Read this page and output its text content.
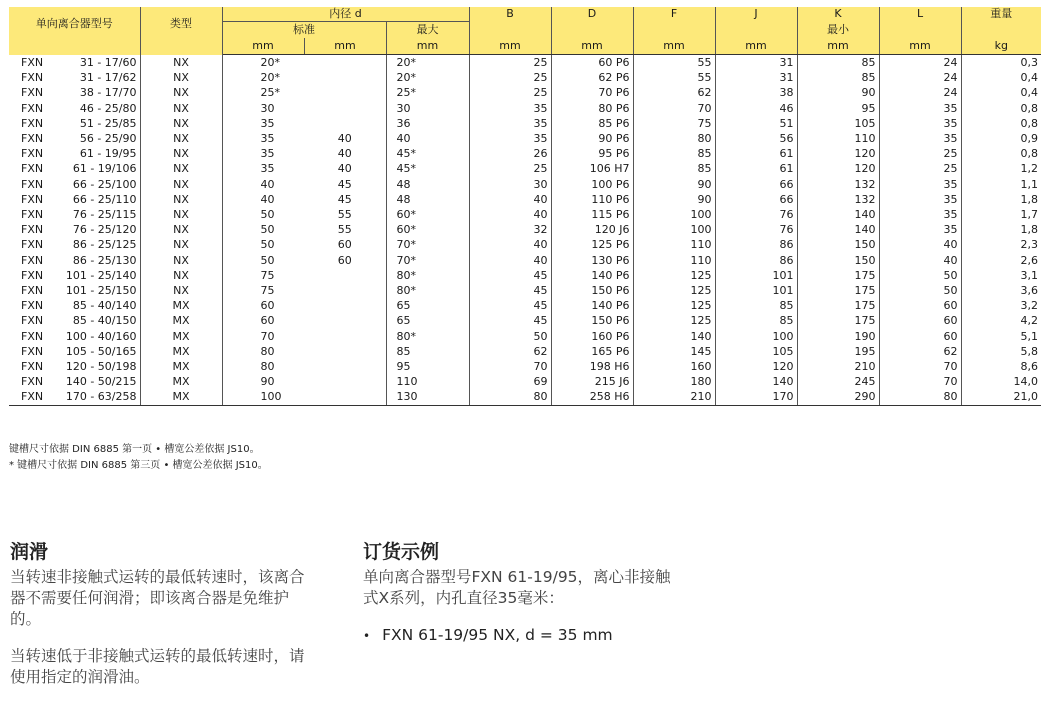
单向离合器型号	类型	内径 d			B	D	F	J	K	L	重量
		标准		最大					最小		
		mm	mm	mm	mm	mm	mm	mm	mm	mm	kg

FXN 31 - 17/60	NX	20*		20*	25	60 P6	55	31	85	24	0,3

FXN 31 - 17/62	NX	20*		20*	25	62 P6	55	31	85	24	0,4

FXN 38 - 17/70	NX	25*		25*	25	70 P6	62	38	90	24	0,4

FXN 46 - 25/80	NX	30		30	35	80 P6	70	46	95	35	0,8

FXN 51 - 25/85	NX	35		36	35	85 P6	75	51	105	35	0,8

FXN 56 - 25/90	NX	35	40	40	35	90 P6	80	56	110	35	0,9

FXN 61 - 19/95	NX	35	40	45*	26	95 P6	85	61	120	25	0,8

FXN 61 - 19/106	NX	35	40	45*	25	106 H7	85	61	120	25	1,2

FXN 66 - 25/100	NX	40	45	48	30	100 P6	90	66	132	35	1,1

FXN 66 - 25/110	NX	40	45	48	40	110 P6	90	66	132	35	1,8

FXN 76 - 25/115	NX	50	55	60*	40	115 P6	100	76	140	35	1,7

FXN 76 - 25/120	NX	50	55	60*	32	120 J6	100	76	140	35	1,8

FXN 86 - 25/125	NX	50	60	70*	40	125 P6	110	86	150	40	2,3

FXN 86 - 25/130	NX	50	60	70*	40	130 P6	110	86	150	40	2,6

FXN 101 - 25/140	NX	75		80*	45	140 P6	125	101	175	50	3,1

FXN 101 - 25/150	NX	75		80*	45	150 P6	125	101	175	50	3,6

FXN 85 - 40/140	MX	60		65	45	140 P6	125	85	175	60	3,2

FXN 85 - 40/150	MX	60		65	45	150 P6	125	85	175	60	4,2

FXN 100 - 40/160	MX	70		80*	50	160 P6	140	100	190	60	5,1

FXN 105 - 50/165	MX	80		85	62	165 P6	145	105	195	62	5,8

FXN 120 - 50/198	MX	80		95	70	198 H6	160	120	210	70	8,6

FXN 140 - 50/215	MX	90		110	69	215 J6	180	140	245	70	14,0

FXN 170 - 63/258	MX	100		130	80	258 H6	210	170	290	80	21,0
键槽尺寸依据 DIN 6885 第一页 • 槽宽公差依据 JS10。
* 键槽尺寸依据 DIN 6885 第三页 • 槽宽公差依据 JS10。
润滑
当转速非接触式运转的最低转速时，该离合
器不需要任何润滑；即该离合器是免维护
的。
当转速低于非接触式运转的最低转速时，请
使用指定的润滑油。
订货示例
单向离合器型号FXN 61-19/95，离心非接触
式X系列，内孔直径35毫米：
• FXN 61-19/95 NX, d = 35 mm
